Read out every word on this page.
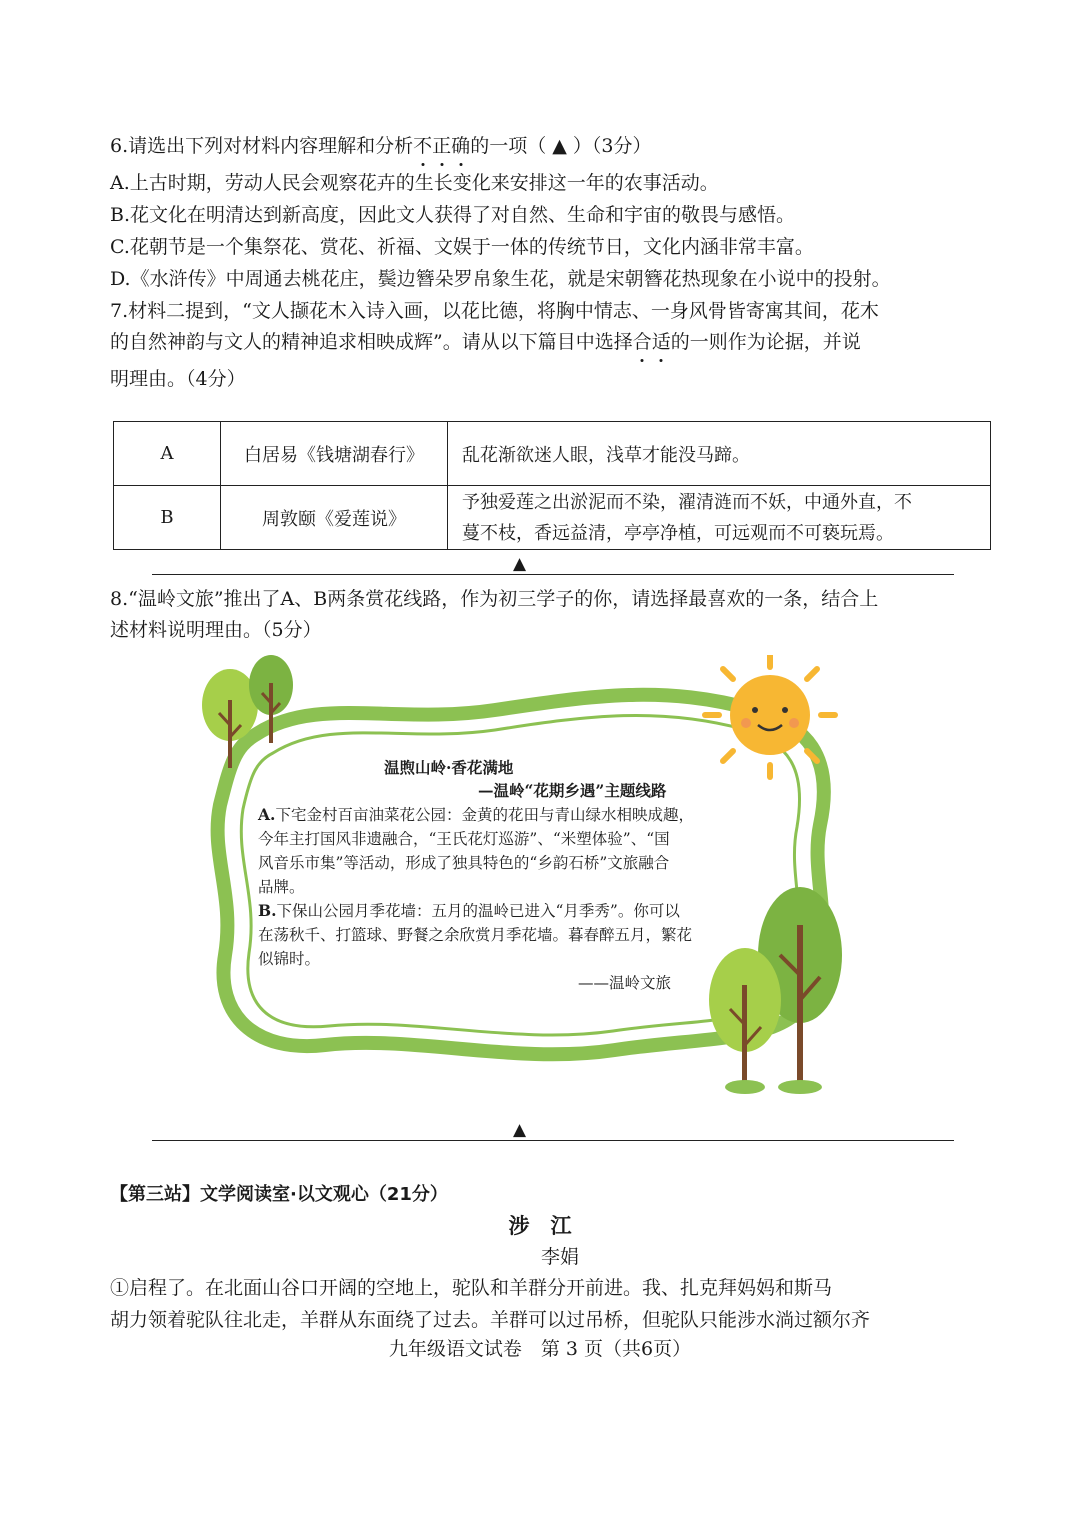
6.请选出下列对材料内容理解和分析不正确的一项（ ▲ ）（3分）
A.上古时期，劳动人民会观察花卉的生长变化来安排这一年的农事活动。
B.花文化在明清达到新高度，因此文人获得了对自然、生命和宇宙的敬畏与感悟。
C.花朝节是一个集祭花、赏花、祈福、文娱于一体的传统节日，文化内涵非常丰富。
D.《水浒传》中周通去桃花庄，鬓边簪朵罗帛象生花，就是宋朝簪花热现象在小说中的投射。
7.材料二提到，“文人撷花木入诗入画，以花比德，将胸中情志、一身风骨皆寄寓其间，花木
的自然神韵与文人的精神追求相映成辉”。请从以下篇目中选择合适的一则作为论据，并说
明理由。（4分）
A	白居易《钱塘湖春行》	乱花渐欲迷人眼，浅草才能没马蹄。

B	周敦颐《爱莲说》	予独爱莲之出淤泥而不染，濯清涟而不妖，中通外直，不
蔓不枝，香远益清，亭亭净植，可远观而不可亵玩焉。
▲
8.“温岭文旅”推出了A、B两条赏花线路，作为初三学子的你，请选择最喜欢的一条，结合上
述材料说明理由。（5分）
温煦山岭·香花满地
—温岭“花期乡遇”主题线路
A.下宅金村百亩油菜花公园：金黄的花田与青山绿水相映成趣，
今年主打国风非遗融合，“王氏花灯巡游”、“米塑体验”、“国
风音乐市集”等活动，形成了独具特色的“乡韵石桥”文旅融合
品牌。
B.下保山公园月季花墙：五月的温岭已进入“月季秀”。你可以
在荡秋千、打篮球、野餐之余欣赏月季花墙。暮春醉五月，繁花
似锦时。
——温岭文旅
▲
【第三站】文学阅读室·以文观心（21分）
涉　江
李娟
①启程了。在北面山谷口开阔的空地上，驼队和羊群分开前进。我、扎克拜妈妈和斯马
胡力领着驼队往北走，羊群从东面绕了过去。羊群可以过吊桥，但驼队只能涉水淌过额尔齐
九年级语文试卷　第 3 页（共6页）
